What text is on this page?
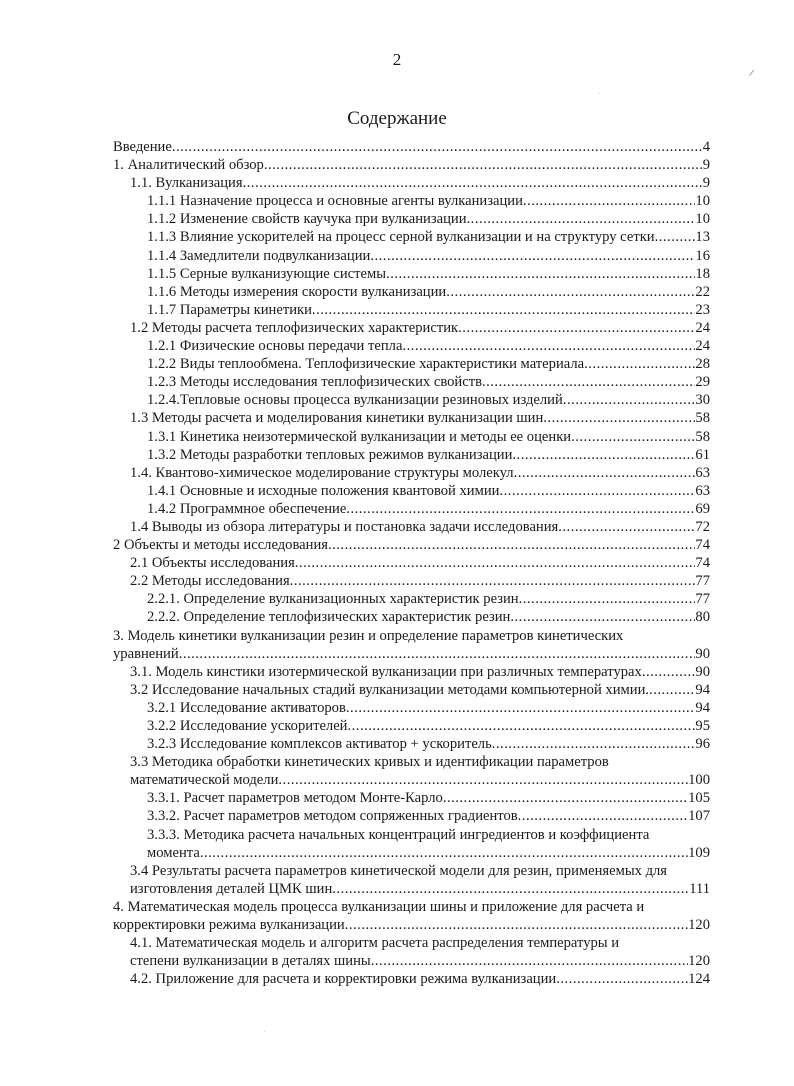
2
/
.
.
Содержание
Введение .....	4
1. Аналитический обзор .....	9
1.1. Вулканизация .....	9
1.1.1 Назначение процесса и основные агенты вулканизации .....	10
1.1.2 Изменение свойств каучука при вулканизации .....	10
1.1.3 Влияние ускорителей на процесс серной вулканизации и на структуру сетки .....	13
1.1.4 Замедлители подвулканизации .....	16
1.1.5 Серные вулканизующие системы .....	18
1.1.6 Методы измерения скорости вулканизации .....	22
1.1.7 Параметры кинетики .....	23
1.2 Методы расчета теплофизических характеристик .....	24
1.2.1 Физические основы передачи тепла .....	24
1.2.2 Виды теплообмена. Теплофизические характеристики материала .....	28
1.2.3 Методы исследования теплофизических свойств .....	29
1.2.4.Тепловые основы процесса вулканизации резиновых изделий .....	30
1.3 Методы расчета и моделирования кинетики вулканизации шин .....	58
1.3.1 Кинетика неизотермической вулканизации и методы ее оценки .....	58
1.3.2 Методы разработки тепловых режимов вулканизации .....	61
1.4. Квантово-химическое моделирование структуры молекул .....	63
1.4.1 Основные и исходные положения квантовой химии .....	63
1.4.2 Программное обеспечение .....	69
1.4 Выводы из обзора литературы и постановка задачи исследования .....	72
2 Объекты и методы исследования .....	74
2.1 Объекты исследования .....	74
2.2 Методы исследования .....	77
2.2.1. Определение вулканизационных характеристик резин .....	77
2.2.2. Определение теплофизических характеристик резин .....	80
3. Модель кинетики вулканизации резин и определение параметров кинетических
уравнений .....	90
3.1. Модель кинстики изотермической вулканизации при различных температурах .....	90
3.2 Исследование начальных стадий вулканизации методами компьютерной химии. .....	94
3.2.1 Исследование активаторов .....	94
3.2.2 Исследование ускорителей .....	95
3.2.3 Исследование комплексов активатор + ускоритель .....	96
3.3 Методика обработки кинетических кривых и идентификации параметров
математической модели .....	100
3.3.1. Расчет параметров методом Монте-Карло .....	105
3.3.2. Расчет параметров методом сопряженных градиентов .....	107
3.3.3. Методика расчета начальных концентраций ингредиентов и коэффициента
момента .....	109
3.4 Результаты расчета параметров кинетической модели для резин, применяемых для
изготовления деталей ЦМК шин .....	111
4. Математическая модель процесса вулканизации шины и приложение для расчета и
корректировки режима вулканизации .....	120
4.1. Математическая модель и алгоритм расчета распределения температуры и
степени вулканизации в деталях шины .....	120
4.2. Приложение для расчета и корректировки режима вулканизации .....	124
